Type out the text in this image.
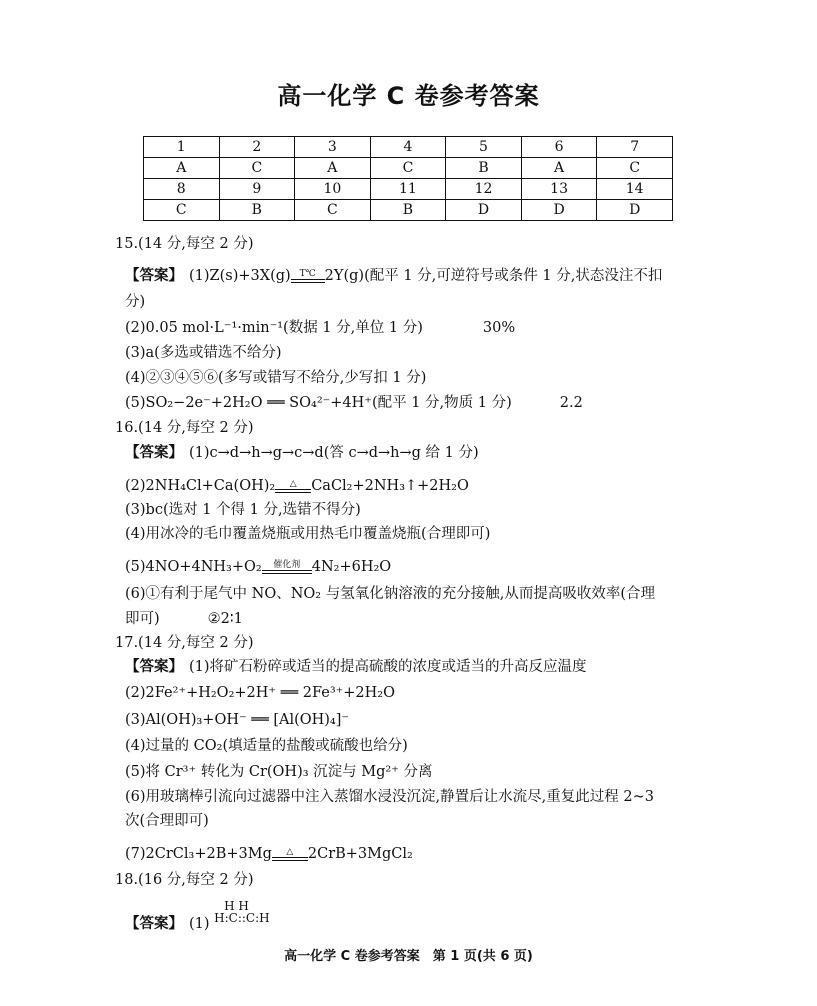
高一化学 C 卷参考答案
1	2	3	4	5	6	7
A	C	A	C	B	A	C
8	9	10	11	12	13	14
C	B	C	B	D	D	D
15.(14 分,每空 2 分)
【答案】 (1)Z(s)+3X(g) T℃ 2Y(g)(配平 1 分,可逆符号或条件 1 分,状态没注不扣
分)
(2)0.05 mol·L⁻¹·min⁻¹(数据 1 分,单位 1 分)	30%
(3)a(多选或错选不给分)
(4)②③④⑤⑥(多写或错写不给分,少写扣 1 分)
(5)SO₂−2e⁻+2H₂O ══ SO₄²⁻+4H⁺(配平 1 分,物质 1 分)	2.2
16.(14 分,每空 2 分)
【答案】 (1)c→d→h→g→c→d(答 c→d→h→g 给 1 分)
(2)2NH₄Cl+Ca(OH)₂	△	CaCl₂+2NH₃↑+2H₂O
(3)bc(选对 1 个得 1 分,选错不得分)
(4)用冰冷的毛巾覆盖烧瓶或用热毛巾覆盖烧瓶(合理即可)
(5)4NO+4NH₃+O₂	催化剂 4N₂+6H₂O
(6)①有利于尾气中 NO、NO₂ 与氢氧化钠溶液的充分接触,从而提高吸收效率(合理
即可)	②2∶1
17.(14 分,每空 2 分)
【答案】 (1)将矿石粉碎或适当的提高硫酸的浓度或适当的升高反应温度
(2)2Fe²⁺+H₂O₂+2H⁺ ══ 2Fe³⁺+2H₂O
(3)Al(OH)₃+OH⁻ ══ [Al(OH)₄]⁻
(4)过量的 CO₂(填适量的盐酸或硫酸也给分)
(5)将 Cr³⁺ 转化为 Cr(OH)₃ 沉淀与 Mg²⁺ 分离
(6)用玻璃棒引流向过滤器中注入蒸馏水浸没沉淀,静置后让水流尽,重复此过程 2~3
次(合理即可)
(7)2CrCl₃+2B+3Mg	△	2CrB+3MgCl₂
18.(16 分,每空 2 分)
【答案】 (1)
H H
H:C::C:H
高一化学 C 卷参考答案　第 1 页(共 6 页)
